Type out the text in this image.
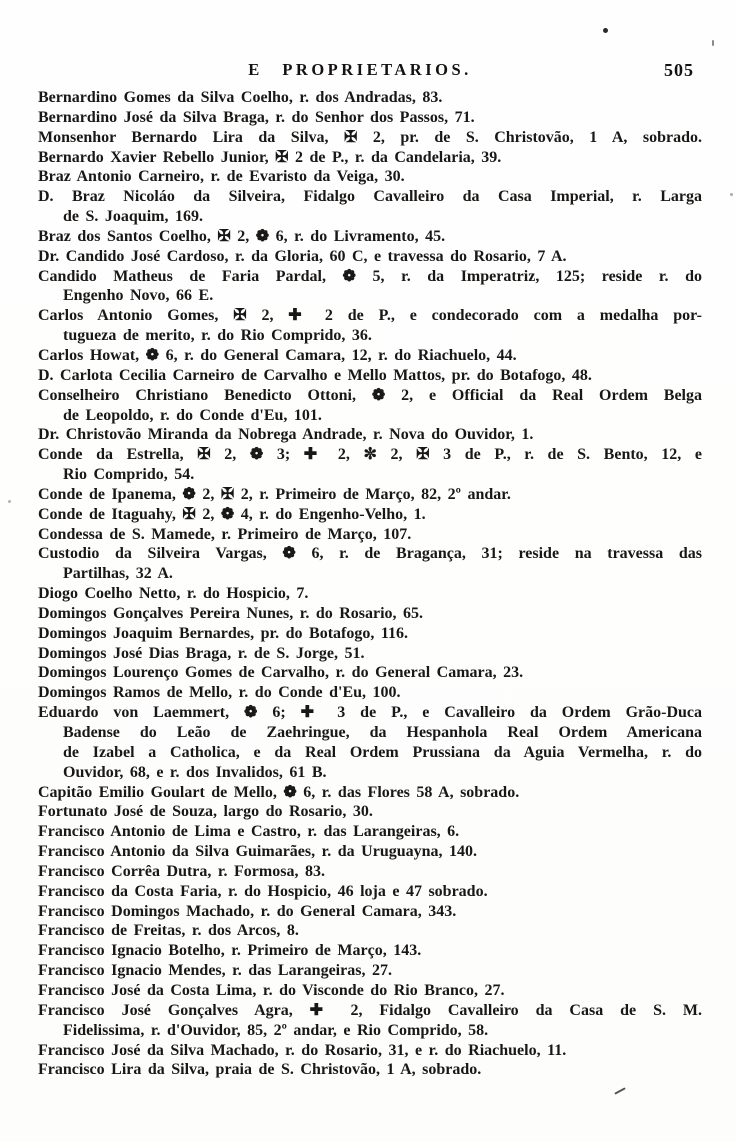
E PROPRIETARIOS.	505
Bernardino Gomes da Silva Coelho, r. dos Andradas, 83.
Bernardino José da Silva Braga, r. do Senhor dos Passos, 71.
Monsenhor Bernardo Lira da Silva, ✠ 2, pr. de S. Christovão, 1 A, sobrado.
Bernardo Xavier Rebello Junior, ✠ 2 de P., r. da Candelaria, 39.
Braz Antonio Carneiro, r. de Evaristo da Veiga, 30.
D. Braz Nicoláo da Silveira, Fidalgo Cavalleiro da Casa Imperial, r. Larga
de S. Joaquim, 169.
Braz dos Santos Coelho, ✠ 2, ❁ 6, r. do Livramento, 45.
Dr. Candido José Cardoso, r. da Gloria, 60 C, e travessa do Rosario, 7 A.
Candido Matheus de Faria Pardal, ❁ 5, r. da Imperatriz, 125; reside r. do
Engenho Novo, 66 E.
Carlos Antonio Gomes, ✠ 2, ✚ 2 de P., e condecorado com a medalha por-
tugueza de merito, r. do Rio Comprido, 36.
Carlos Howat, ❁ 6, r. do General Camara, 12, r. do Riachuelo, 44.
D. Carlota Cecilia Carneiro de Carvalho e Mello Mattos, pr. do Botafogo, 48.
Conselheiro Christiano Benedicto Ottoni, ❁ 2, e Official da Real Ordem Belga
de Leopoldo, r. do Conde d'Eu, 101.
Dr. Christovão Miranda da Nobrega Andrade, r. Nova do Ouvidor, 1.
Conde da Estrella, ✠ 2, ❁ 3; ✚ 2, ✼ 2, ✠ 3 de P., r. de S. Bento, 12, e
Rio Comprido, 54.
Conde de Ipanema, ❁ 2, ✠ 2, r. Primeiro de Março, 82, 2º andar.
Conde de Itaguahy, ✠ 2, ❁ 4, r. do Engenho-Velho, 1.
Condessa de S. Mamede, r. Primeiro de Março, 107.
Custodio da Silveira Vargas, ❁ 6, r. de Bragança, 31; reside na travessa das
Partilhas, 32 A.
Diogo Coelho Netto, r. do Hospicio, 7.
Domingos Gonçalves Pereira Nunes, r. do Rosario, 65.
Domingos Joaquim Bernardes, pr. do Botafogo, 116.
Domingos José Dias Braga, r. de S. Jorge, 51.
Domingos Lourenço Gomes de Carvalho, r. do General Camara, 23.
Domingos Ramos de Mello, r. do Conde d'Eu, 100.
Eduardo von Laemmert, ❁ 6; ✚ 3 de P., e Cavalleiro da Ordem Grão-Duca
Badense do Leão de Zaehringue, da Hespanhola Real Ordem Americana
de Izabel a Catholica, e da Real Ordem Prussiana da Aguia Vermelha, r. do
Ouvidor, 68, e r. dos Invalidos, 61 B.
Capitão Emilio Goulart de Mello, ❁ 6, r. das Flores 58 A, sobrado.
Fortunato José de Souza, largo do Rosario, 30.
Francisco Antonio de Lima e Castro, r. das Larangeiras, 6.
Francisco Antonio da Silva Guimarães, r. da Uruguayna, 140.
Francisco Corrêa Dutra, r. Formosa, 83.
Francisco da Costa Faria, r. do Hospicio, 46 loja e 47 sobrado.
Francisco Domingos Machado, r. do General Camara, 343.
Francisco de Freitas, r. dos Arcos, 8.
Francisco Ignacio Botelho, r. Primeiro de Março, 143.
Francisco Ignacio Mendes, r. das Larangeiras, 27.
Francisco José da Costa Lima, r. do Visconde do Rio Branco, 27.
Francisco José Gonçalves Agra, ✚ 2, Fidalgo Cavalleiro da Casa de S. M.
Fidelissima, r. d'Ouvidor, 85, 2º andar, e Rio Comprido, 58.
Francisco José da Silva Machado, r. do Rosario, 31, e r. do Riachuelo, 11.
Francisco Lira da Silva, praia de S. Christovão, 1 A, sobrado.
